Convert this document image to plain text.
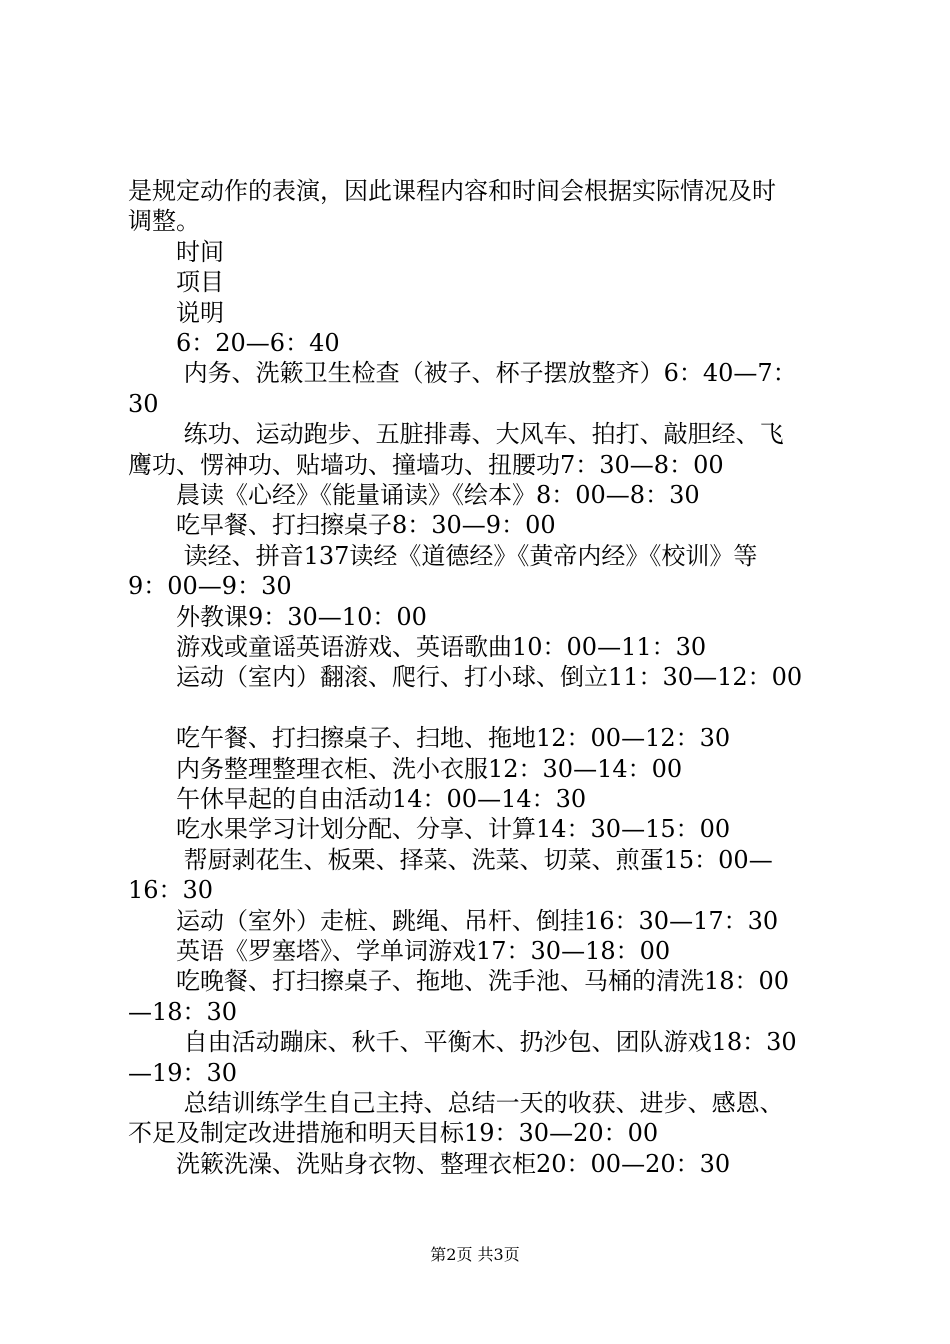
是规定动作的表演，因此课程内容和时间会根据实际情况及时
调整。
　　时间
　　项目
　　说明
　　6：20—6：40
　　 内务、洗簌卫生检查（被子、杯子摆放整齐）6：40—7：
30
　　 练功、运动跑步、五脏排毒、大风车、拍打、敲胆经、飞
鹰功、愣神功、贴墙功、撞墙功、扭腰功7：30—8：00
　　晨读《心经》《能量诵读》《绘本》8：00—8：30
　　吃早餐、打扫擦桌子8：30—9：00
　　 读经、拼音137读经《道德经》《黄帝内经》《校训》等
9：00—9：30
　　外教课9：30—10：00
　　游戏或童谣英语游戏、英语歌曲10：00—11：30
　　运动（室内）翻滚、爬行、打小球、倒立11：30—12：00
　　吃午餐、打扫擦桌子、扫地、拖地12：00—12：30
　　内务整理整理衣柜、洗小衣服12：30—14：00
　　午休早起的自由活动14：00—14：30
　　吃水果学习计划分配、分享、计算14：30—15：00
　　 帮厨剥花生、板栗、择菜、洗菜、切菜、煎蛋15：00—
16：30
　　运动（室外）走桩、跳绳、吊杆、倒挂16：30—17：30
　　英语《罗塞塔》、学单词游戏17：30—18：00
　　吃晚餐、打扫擦桌子、拖地、洗手池、马桶的清洗18：00
—18：30
　　 自由活动蹦床、秋千、平衡木、扔沙包、团队游戏18：30
—19：30
　　 总结训练学生自己主持、总结一天的收获、进步、感恩、
不足及制定改进措施和明天目标19：30—20：00
　　洗簌洗澡、洗贴身衣物、整理衣柜20：00—20：30
第2页 共3页
